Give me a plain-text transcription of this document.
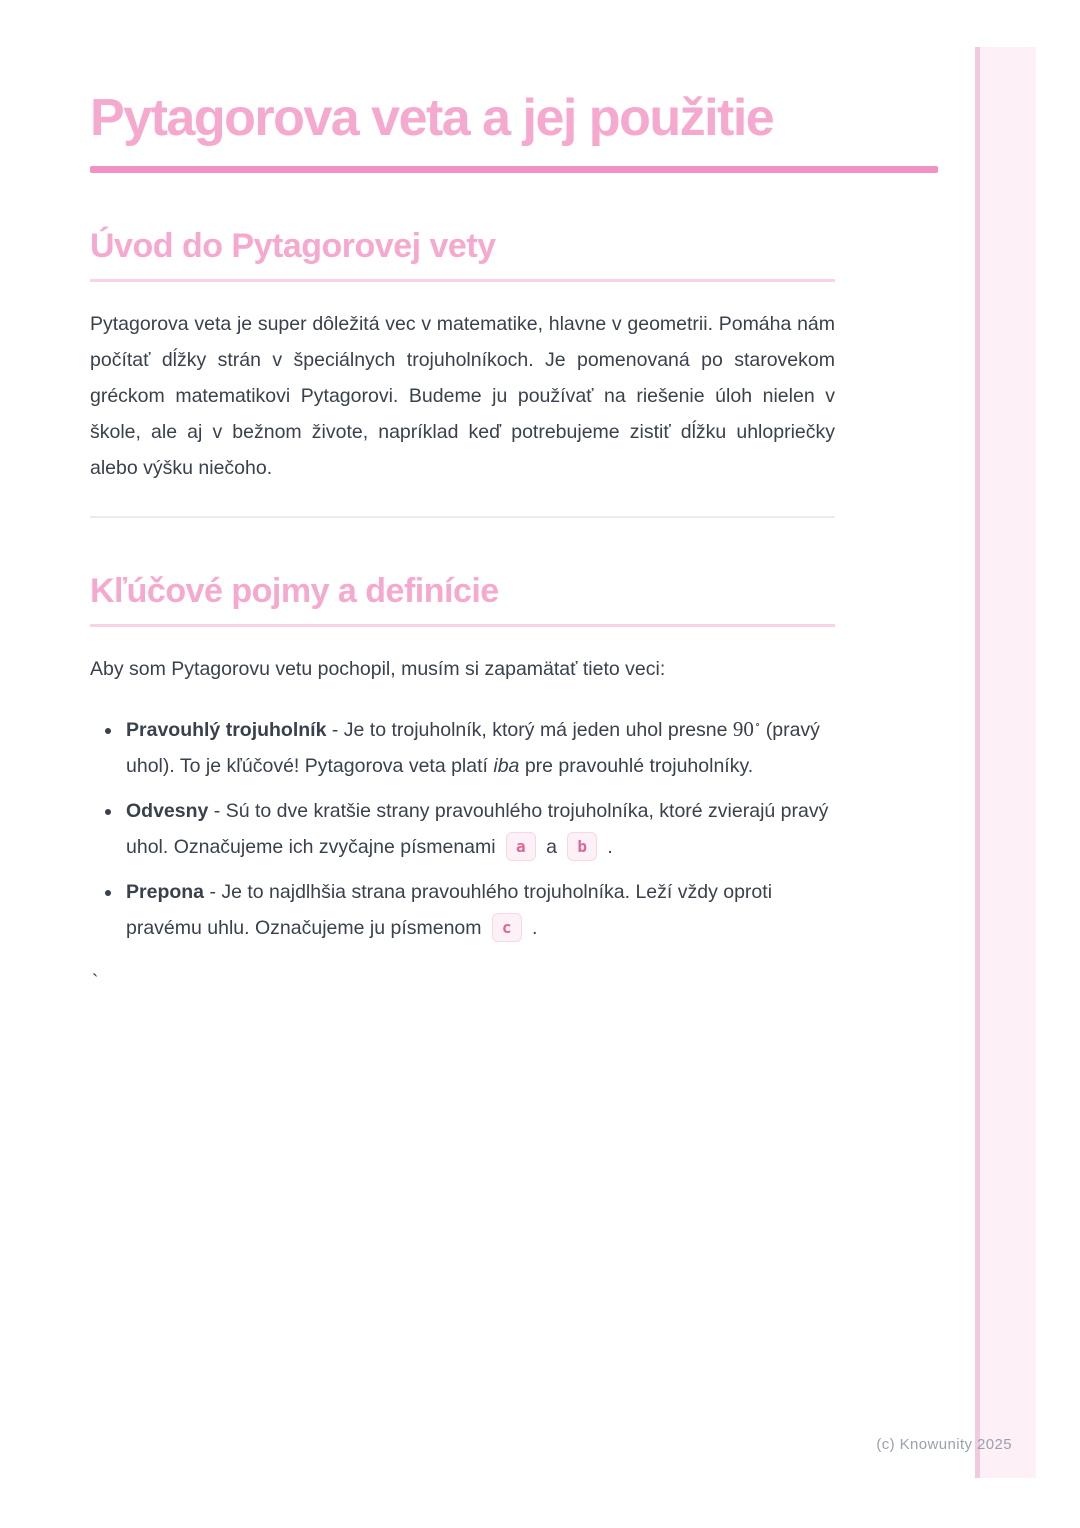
Pytagorova veta a jej použitie
Úvod do Pytagorovej vety

Pytagorova veta je super dôležitá vec v matematike, hlavne v geometrii. Pomáha nám počítať dĺžky strán v špeciálnych trojuholníkoch. Je pomenovaná po starovekom gréckom matematikovi Pytagorovi. Budeme ju používať na riešenie úloh nielen v škole, ale aj v bežnom živote, napríklad keď potrebujeme zistiť dĺžku uhlopriečky alebo výšku niečoho.

Kľúčové pojmy a definície

Aby som Pytagorovu vetu pochopil, musím si zapamätať tieto veci:

• Pravouhlý trojuholník - Je to trojuholník, ktorý má jeden uhol presne 90∘ (pravý uhol). To je kľúčové! Pytagorova veta platí iba pre pravouhlé trojuholníky.
• Odvesny - Sú to dve kratšie strany pravouhlého trojuholníka, ktoré zvierajú pravý uhol. Označujeme ich zvyčajne písmenami a a b .
• Prepona - Je to najdlhšia strana pravouhlého trojuholníka. Leží vždy oproti pravému uhlu. Označujeme ju písmenom c .

`

(c) Knowunity 2025
